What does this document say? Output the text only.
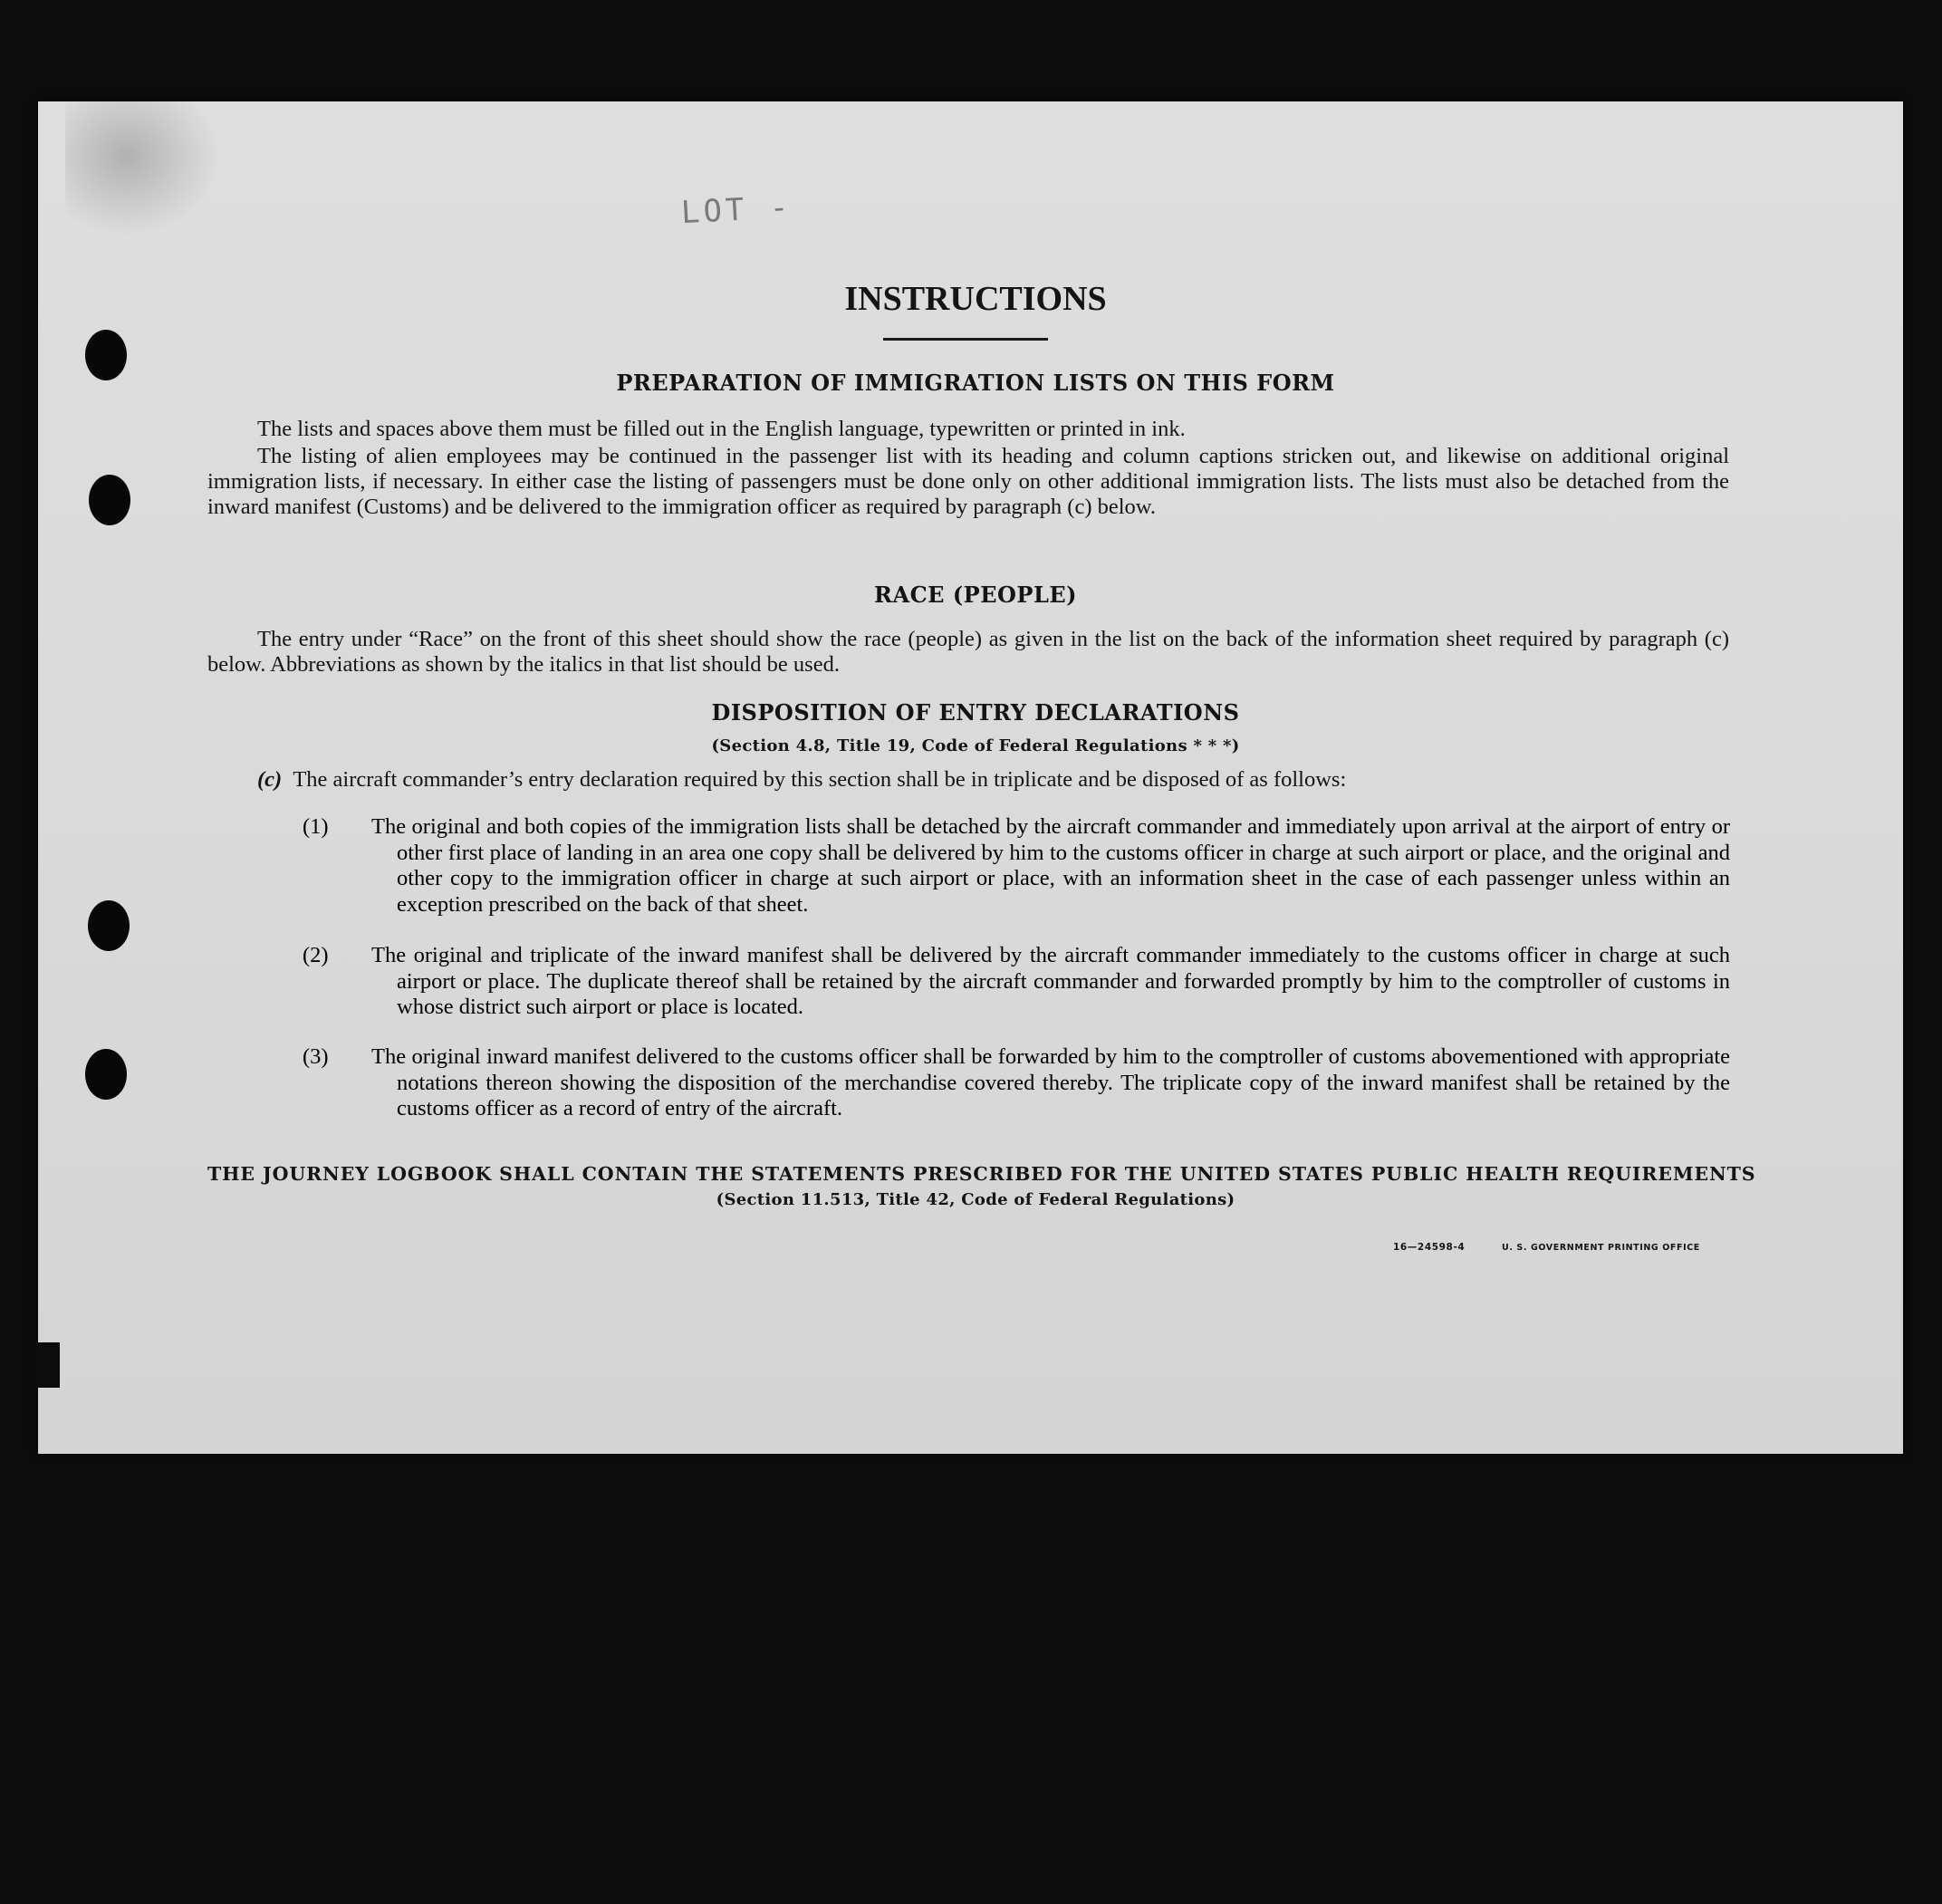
LOT -
INSTRUCTIONS
PREPARATION OF IMMIGRATION LISTS ON THIS FORM

The lists and spaces above them must be filled out in the English language, typewritten or printed in ink.

The listing of alien employees may be continued in the passenger list with its heading and column captions stricken out, and likewise on additional original immigration lists, if necessary. In either case the listing of passengers must be done only on other additional immigration lists. The lists must also be detached from the inward manifest (Customs) and be delivered to the immigration officer as required by paragraph (c) below.

RACE (PEOPLE)

The entry under “Race” on the front of this sheet should show the race (people) as given in the list on the back of the information sheet required by paragraph (c) below. Abbreviations as shown by the italics in that list should be used.

DISPOSITION OF ENTRY DECLARATIONS
(Section 4.8, Title 19, Code of Federal Regulations * * *)
(c) The aircraft commander’s entry declaration required by this section shall be in triplicate and be disposed of as follows:
(1) The original and both copies of the immigration lists shall be detached by the aircraft commander and immediately upon arrival at the airport of entry or other first place of landing in an area one copy shall be delivered by him to the customs officer in charge at such airport or place, and the original and other copy to the immigration officer in charge at such airport or place, with an information sheet in the case of each passenger unless within an exception prescribed on the back of that sheet.
(2) The original and triplicate of the inward manifest shall be delivered by the aircraft commander immediately to the customs officer in charge at such airport or place. The duplicate thereof shall be retained by the aircraft commander and forwarded promptly by him to the comptroller of customs in whose district such airport or place is located.
(3) The original inward manifest delivered to the customs officer shall be forwarded by him to the comptroller of customs abovementioned with appropriate notations thereon showing the disposition of the merchandise covered thereby. The triplicate copy of the inward manifest shall be retained by the customs officer as a record of entry of the aircraft.
THE JOURNEY LOGBOOK SHALL CONTAIN THE STATEMENTS PRESCRIBED FOR THE UNITED STATES PUBLIC HEALTH REQUIREMENTS
(Section 11.513, Title 42, Code of Federal Regulations)
16—24598-4	U. S. GOVERNMENT PRINTING OFFICE
